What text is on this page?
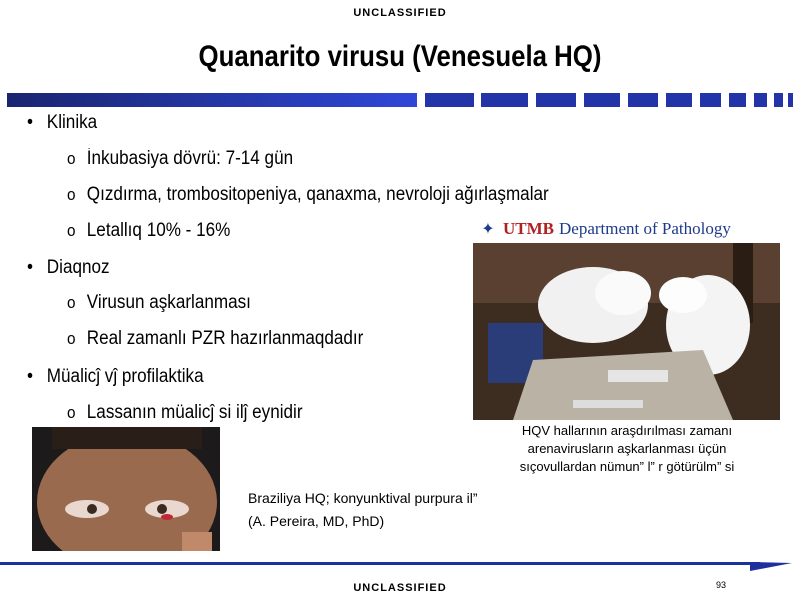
UNCLASSIFIED
Quanarito virusu (Venesuela HQ)
• Klinika
o İnkubasiya dövrü: 7-14 gün
o Qızdırma, trombositopeniya, qanaxma, nevroloji ağırlaşmalar
o Letallıq 10% - 16%
• Diaqnoz
o Virusun aşkarlanması
o Real zamanlı PZR hazırlanmaqdadır
• Müalicĵ vĵ profilaktika
o Lassanın müalicĵ si ilĵ eynidir
✦ UTMB Department of Pathology
HQV hallarının araşdırılması zamanı
arenavirusların aşkarlanması üçün
sıçovullardan nümun” l” r götürülm” si
Braziliya HQ; konyunktival purpura il”
(A. Pereira, MD, PhD)
93
UNCLASSIFIED
